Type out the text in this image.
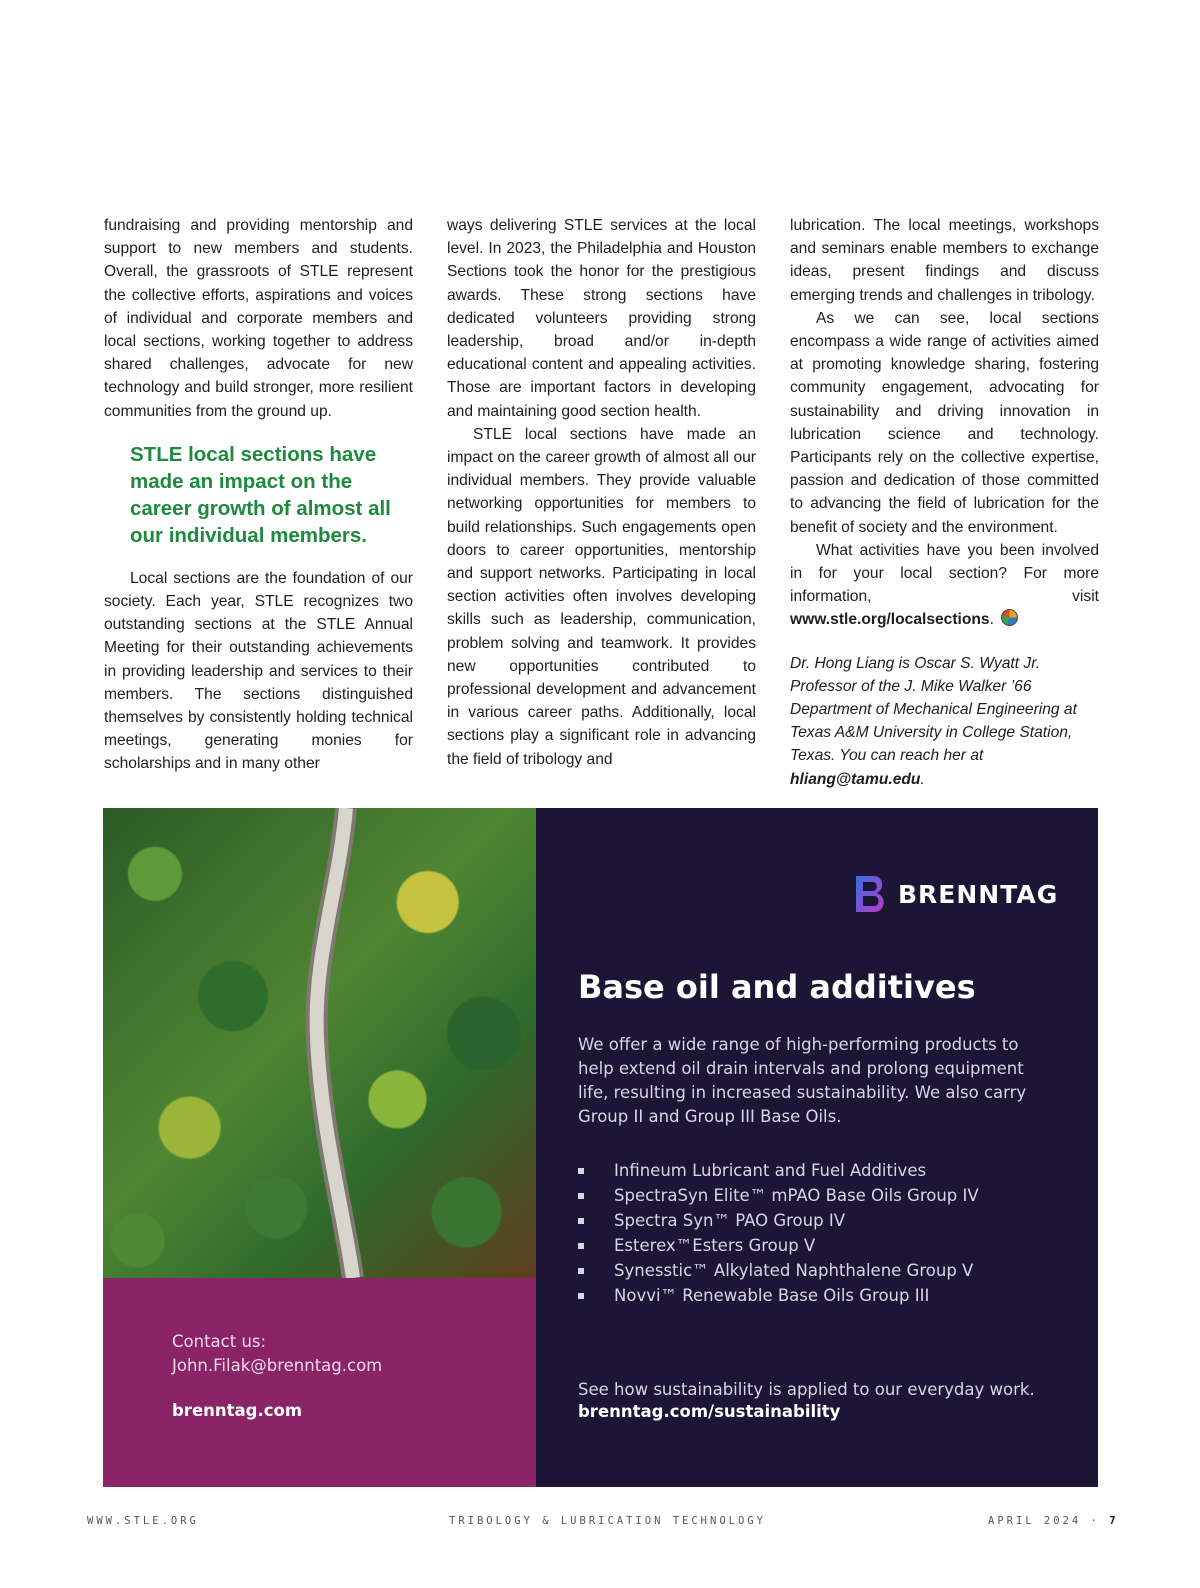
fundraising and providing mentorship and support to new members and students. Overall, the grassroots of STLE represent the collective efforts, aspirations and voices of individual and corporate members and local sections, working together to address shared challenges, advocate for new technology and build stronger, more resilient communities from the ground up.

STLE local sections have made an impact on the career growth of almost all our individual members.

Local sections are the foundation of our society. Each year, STLE recognizes two outstanding sections at the STLE Annual Meeting for their outstanding achievements in providing leadership and services to their members. The sections distinguished themselves by consistently holding technical meetings, generating monies for scholarships and in many other

ways delivering STLE services at the local level. In 2023, the Philadelphia and Houston Sections took the honor for the prestigious awards. These strong sections have dedicated volunteers providing strong leadership, broad and/or in-depth educational content and appealing activities. Those are important factors in developing and maintaining good section health.

STLE local sections have made an impact on the career growth of almost all our individual members. They provide valuable networking opportunities for members to build relationships. Such engagements open doors to career opportunities, mentorship and support networks. Participating in local section activities often involves developing skills such as leadership, communication, problem solving and teamwork. It provides new opportunities contributed to professional development and advancement in various career paths. Additionally, local sections play a significant role in advancing the field of tribology and

lubrication. The local meetings, workshops and seminars enable members to exchange ideas, present findings and discuss emerging trends and challenges in tribology.

As we can see, local sections encompass a wide range of activities aimed at promoting knowledge sharing, fostering community engagement, advocating for sustainability and driving innovation in lubrication science and technology. Participants rely on the collective expertise, passion and dedication of those committed to advancing the field of lubrication for the benefit of society and the environment.

What activities have you been involved in for your local section? For more information, visit www.stle.org/localsections.

Dr. Hong Liang is Oscar S. Wyatt Jr. Professor of the J. Mike Walker ’66 Department of Mechanical Engineering at Texas A&M University in College Station, Texas. You can reach her at hliang@tamu.edu.

Contact us:
John.Filak@brenntag.com
brenntag.com
BRENNTAG
Base oil and additives
We offer a wide range of high-performing products to help extend oil drain intervals and prolong equipment life, resulting in increased sustainability. We also carry Group II and Group III Base Oils.
Infineum Lubricant and Fuel Additives
SpectraSyn Elite™ mPAO Base Oils Group IV
Spectra Syn™ PAO Group IV
Esterex™Esters Group V
Synesstic™ Alkylated Naphthalene Group V
Novvi™ Renewable Base Oils Group III
See how sustainability is applied to our everyday work.
brenntag.com/sustainability
WWW.STLE.ORG	TRIBOLOGY & LUBRICATION TECHNOLOGY	APRIL 2024 · 7
